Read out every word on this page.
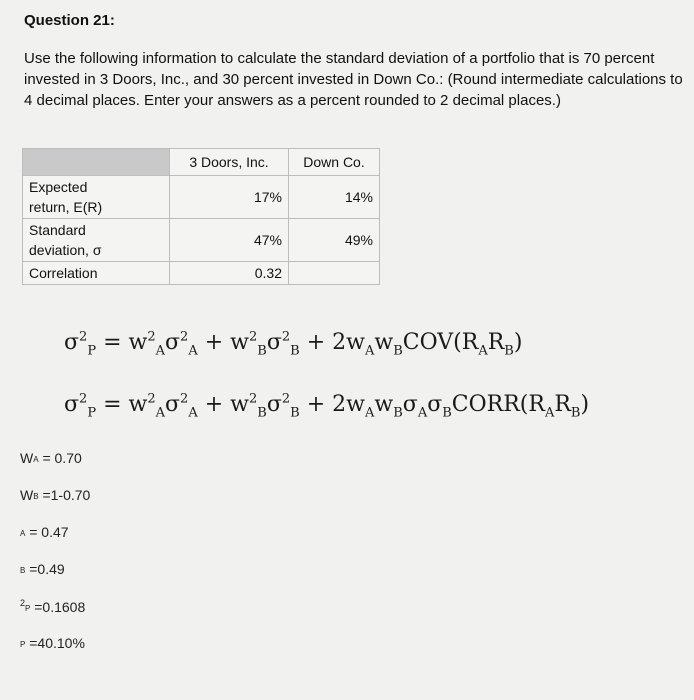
Question 21:
Use the following information to calculate the standard deviation of a portfolio that is 70 percent invested in 3 Doors, Inc., and 30 percent invested in Down Co.: (Round intermediate calculations to 4 decimal places. Enter your answers as a percent rounded to 2 decimal places.)
	3 Doors, Inc.	Down Co.
Expected
return, E(R)	17%	14%
Standard
deviation, σ	47%	49%
Correlation	0.32	
$\sigma^2_P = w^2_A\sigma^2_A + w^2_B\sigma^2_B + 2w_Aw_BCOV(R_AR_B)$
$\sigma^2_P = w^2_A\sigma^2_A + w^2_B\sigma^2_B$ + $2w_Aw_B\sigma_A\sigma_BCORR(R_AR_B)$
WA = 0.70
WB =1-0.70
A = 0.47
B =0.49
$^2$P =0.1608
P =40.10%
